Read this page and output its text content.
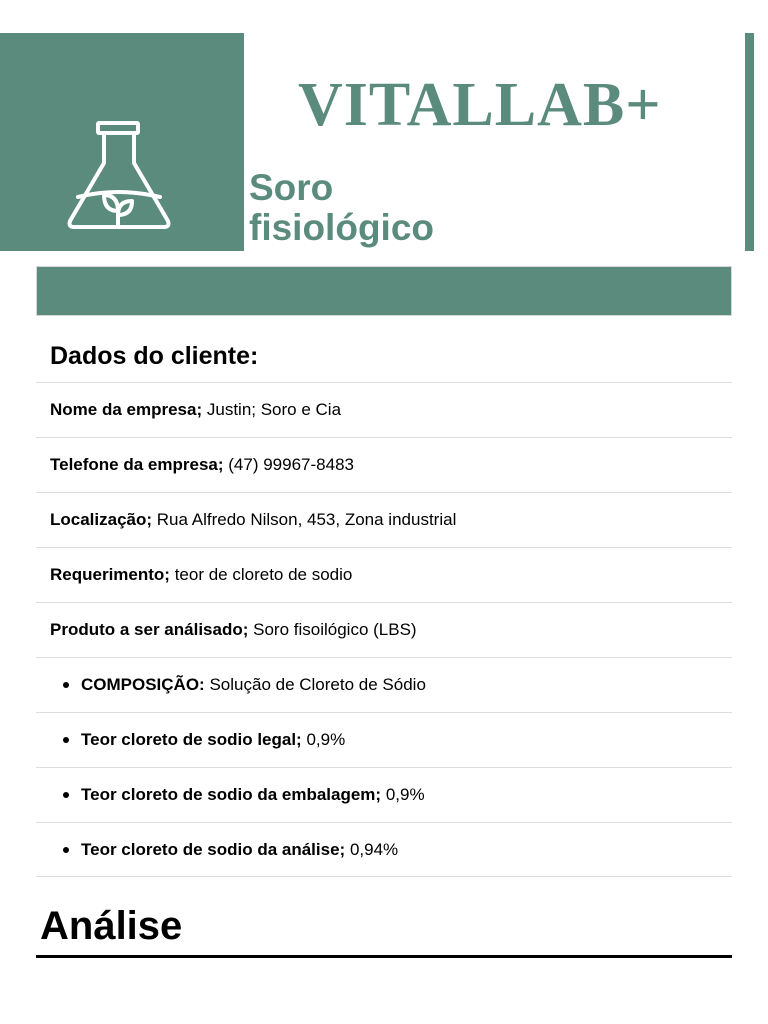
VITALLAB+
Soro fisiológico
Dados do cliente:
Nome da empresa; Justin; Soro e Cia
Telefone da empresa; (47) 99967-8483
Localização; Rua Alfredo Nilson, 453, Zona industrial
Requerimento; teor de cloreto de sodio
Produto a ser análisado; Soro fisoilógico (LBS)
COMPOSIÇÃO: Solução de Cloreto de Sódio
Teor cloreto de sodio legal; 0,9%
Teor cloreto de sodio da embalagem; 0,9%
Teor cloreto de sodio da análise; 0,94%
Análise
